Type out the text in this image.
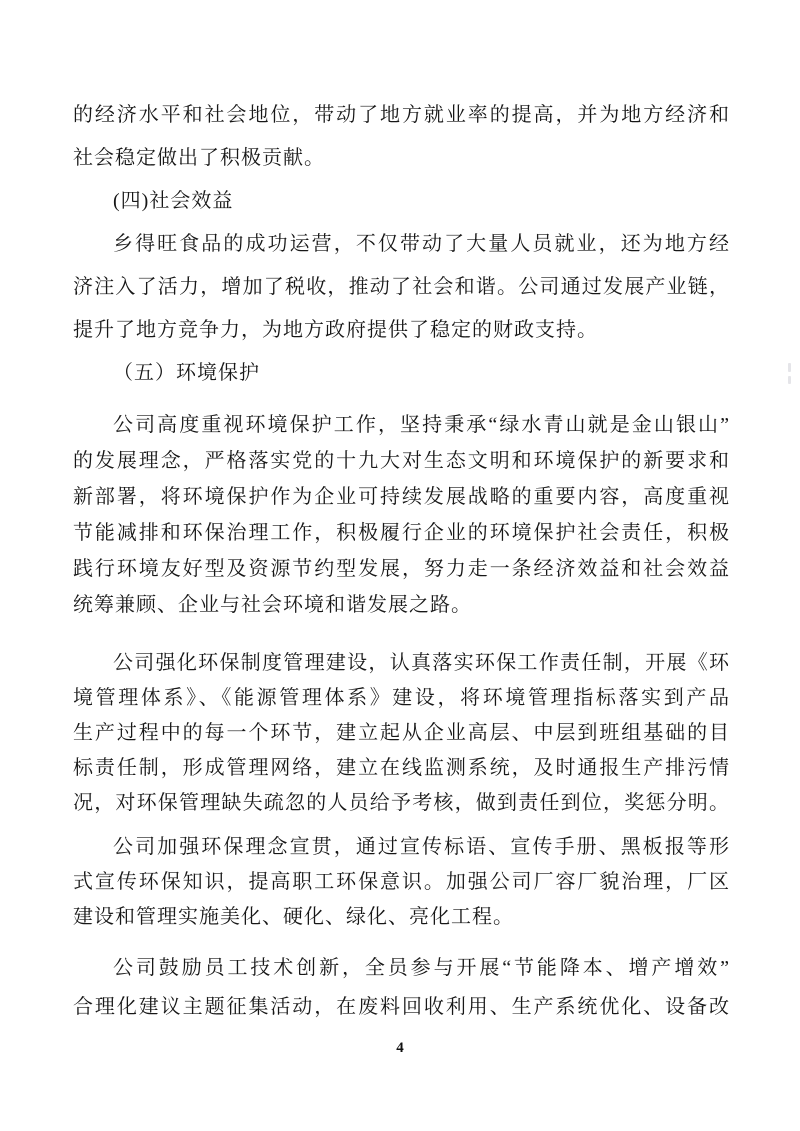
的经济水平和社会地位，带动了地方就业率的提高，并为地方经济和
社会稳定做出了积极贡献。
(四)社会效益
乡得旺食品的成功运营，不仅带动了大量人员就业，还为地方经
济注入了活力，增加了税收，推动了社会和谐。公司通过发展产业链，
提升了地方竞争力，为地方政府提供了稳定的财政支持。
（五）环境保护
公司高度重视环境保护工作，坚持秉承“绿水青山就是金山银山”
的发展理念，严格落实党的十九大对生态文明和环境保护的新要求和
新部署，将环境保护作为企业可持续发展战略的重要内容，高度重视
节能减排和环保治理工作，积极履行企业的环境保护社会责任，积极
践行环境友好型及资源节约型发展，努力走一条经济效益和社会效益
统筹兼顾、企业与社会环境和谐发展之路。
公司强化环保制度管理建设，认真落实环保工作责任制，开展《环
境管理体系》、《能源管理体系》建设，将环境管理指标落实到产品
生产过程中的每一个环节，建立起从企业高层、中层到班组基础的目
标责任制，形成管理网络，建立在线监测系统，及时通报生产排污情
况，对环保管理缺失疏忽的人员给予考核，做到责任到位，奖惩分明。
公司加强环保理念宣贯，通过宣传标语、宣传手册、黑板报等形
式宣传环保知识，提高职工环保意识。加强公司厂容厂貌治理，厂区
建设和管理实施美化、硬化、绿化、亮化工程。
公司鼓励员工技术创新，全员参与开展“节能降本、增产增效”
合理化建议主题征集活动，在废料回收利用、生产系统优化、设备改
4
